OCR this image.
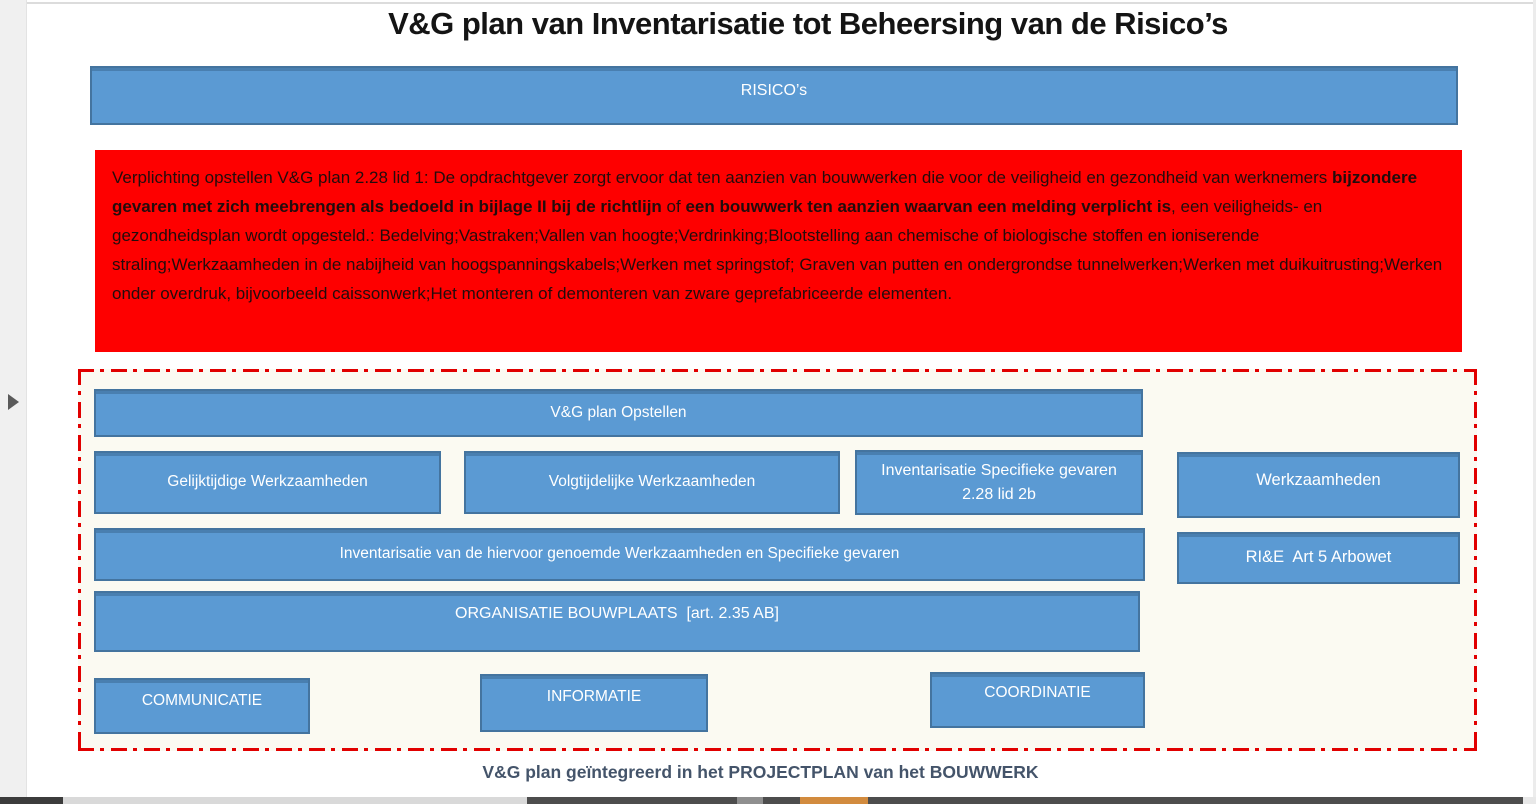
V&G plan van Inventarisatie tot Beheersing van de Risico’s
RISICO’s
Verplichting opstellen V&G plan 2.28 lid 1: De opdrachtgever zorgt ervoor dat ten aanzien van bouwwerken die voor de veiligheid en gezondheid van werknemers bijzondere gevaren met zich meebrengen als bedoeld in bijlage II bij de richtlijn of een bouwwerk ten aanzien waarvan een melding verplicht is, een veiligheids- en gezondheidsplan wordt opgesteld.: Bedelving;Vastraken;Vallen van hoogte;Verdrinking;Blootstelling aan chemische of biologische stoffen en ioniserende straling;Werkzaamheden in de nabijheid van hoogspanningskabels;Werken met springstof; Graven van putten en ondergrondse tunnelwerken;Werken met duikuitrusting;Werken onder overdruk, bijvoorbeeld caissonwerk;Het monteren of demonteren van zware geprefabriceerde elementen.
V&G plan Opstellen
Gelijktijdige Werkzaamheden	Volgtijdelijke Werkzaamheden
Inventarisatie Specifieke gevaren  2.28 lid 2b
Werkzaamheden
Inventarisatie van de hiervoor genoemde Werkzaamheden en Specifieke gevaren	RI&E  Art 5 Arbowet
ORGANISATIE BOUWPLAATS  [art. 2.35 AB]
COMMUNICATIE	INFORMATIE	COORDINATIE
V&G plan geïntegreerd in het PROJECTPLAN van het BOUWWERK
